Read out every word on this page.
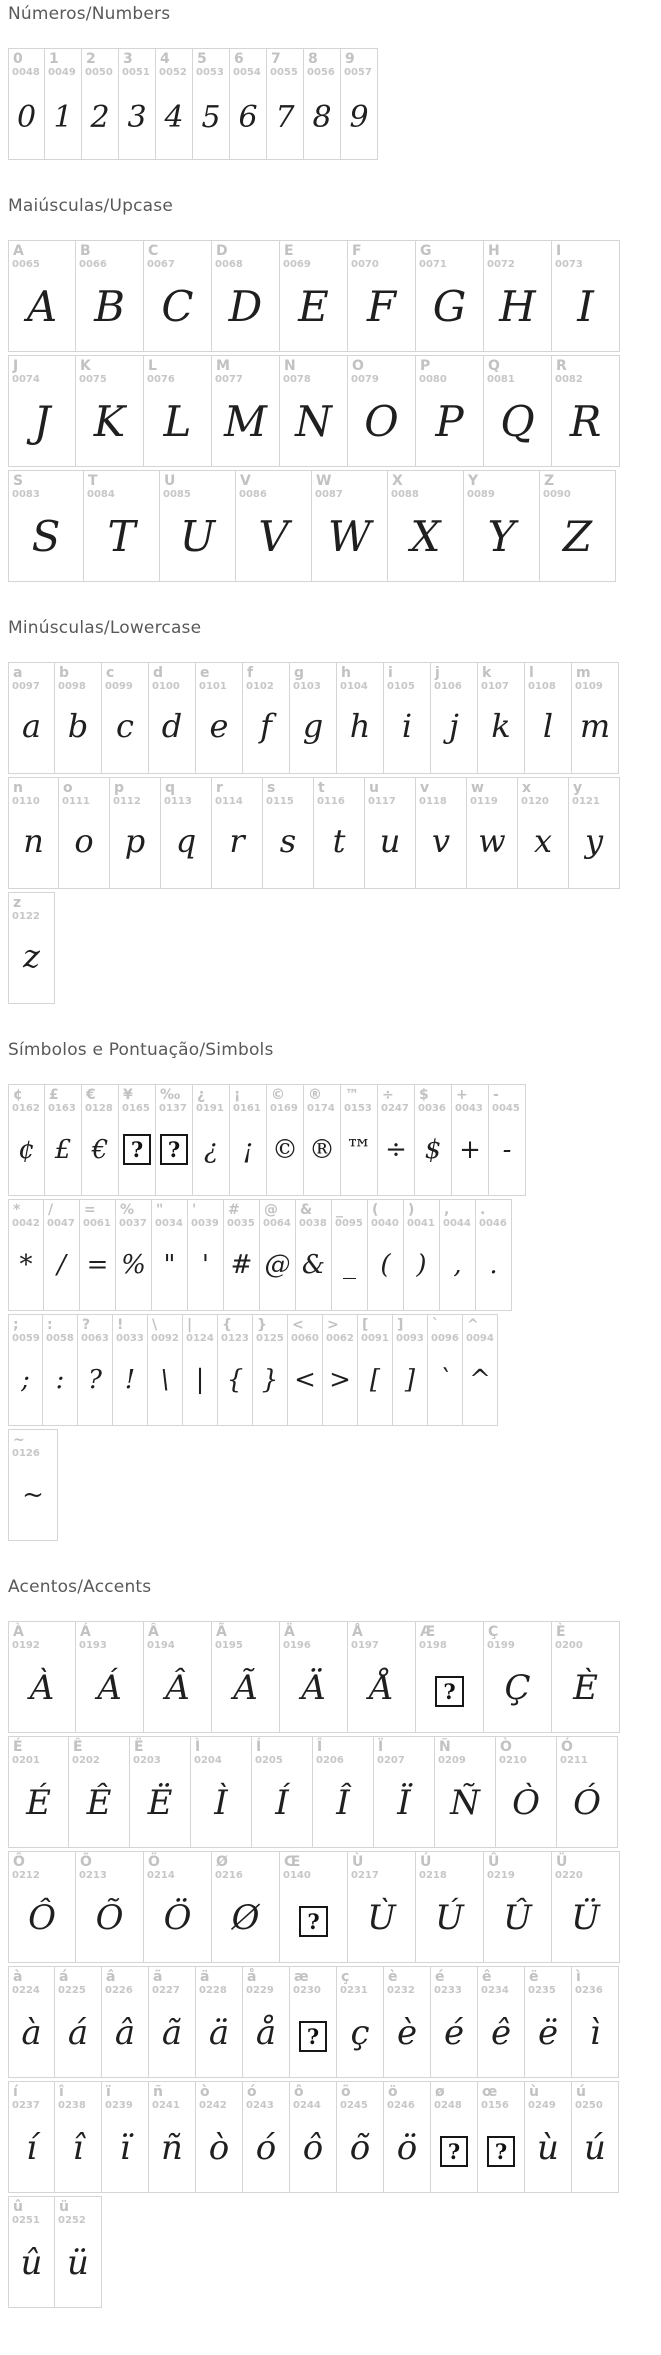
Números/Numbers
0
0048
0
1
0049
1
2
0050
2
3
0051
3
4
0052
4
5
0053
5
6
0054
6
7
0055
7
8
0056
8
9
0057
9
Maiúsculas/Upcase
A
0065
A
B
0066
B
C
0067
C
D
0068
D
E
0069
E
F
0070
F
G
0071
G
H
0072
H
I
0073
I
J
0074
J
K
0075
K
L
0076
L
M
0077
M
N
0078
N
O
0079
O
P
0080
P
Q
0081
Q
R
0082
R
S
0083
S
T
0084
T
U
0085
U
V
0086
V
W
0087
W
X
0088
X
Y
0089
Y
Z
0090
Z
Minúsculas/Lowercase
a
0097
a
b
0098
b
c
0099
c
d
0100
d
e
0101
e
f
0102
f
g
0103
g
h
0104
h
i
0105
i
j
0106
j
k
0107
k
l
0108
l
m
0109
m
n
0110
n
o
0111
o
p
0112
p
q
0113
q
r
0114
r
s
0115
s
t
0116
t
u
0117
u
v
0118
v
w
0119
w
x
0120
x
y
0121
y
z
0122
z
Símbolos e Pontuação/Simbols
¢
0162
¢
£
0163
£
€
0128
€
¥
0165
?
‰
0137
?
¿
0191
¿
¡
0161
¡
©
0169
©
®
0174
®
™
0153
™
÷
0247
÷
$
0036
$
+
0043
+
-
0045
-
*
0042
*
/
0047
/
=
0061
=
%
0037
%
"
0034
"
'
0039
'
#
0035
#
@
0064
@
&
0038
&
_
0095
_
(
0040
(
)
0041
)
,
0044
,
.
0046
.
;
0059
;
:
0058
:
?
0063
?
!
0033
!
\
0092
\
|
0124
|
{
0123
{
}
0125
}
<
0060
<
>
0062
>
[
0091
[
]
0093
]
`
0096
`
^
0094
^
~
0126
~
Acentos/Accents
À
0192
À
Á
0193
Á
Â
0194
Â
Ã
0195
Ã
Ä
0196
Ä
Å
0197
Å
Æ
0198
?
Ç
0199
Ç
È
0200
È
É
0201
É
Ê
0202
Ê
Ë
0203
Ë
Ì
0204
Ì
Í
0205
Í
Î
0206
Î
Ï
0207
Ï
Ñ
0209
Ñ
Ò
0210
Ò
Ó
0211
Ó
Ô
0212
Ô
Õ
0213
Õ
Ö
0214
Ö
Ø
0216
Ø
Œ
0140
?
Ù
0217
Ù
Ú
0218
Ú
Û
0219
Û
Ü
0220
Ü
à
0224
à
á
0225
á
â
0226
â
ã
0227
ã
ä
0228
ä
å
0229
å
æ
0230
?
ç
0231
ç
è
0232
è
é
0233
é
ê
0234
ê
ë
0235
ë
ì
0236
ì
í
0237
í
î
0238
î
ï
0239
ï
ñ
0241
ñ
ò
0242
ò
ó
0243
ó
ô
0244
ô
õ
0245
õ
ö
0246
ö
ø
0248
?
œ
0156
?
ù
0249
ù
ú
0250
ú
û
0251
û
ü
0252
ü
